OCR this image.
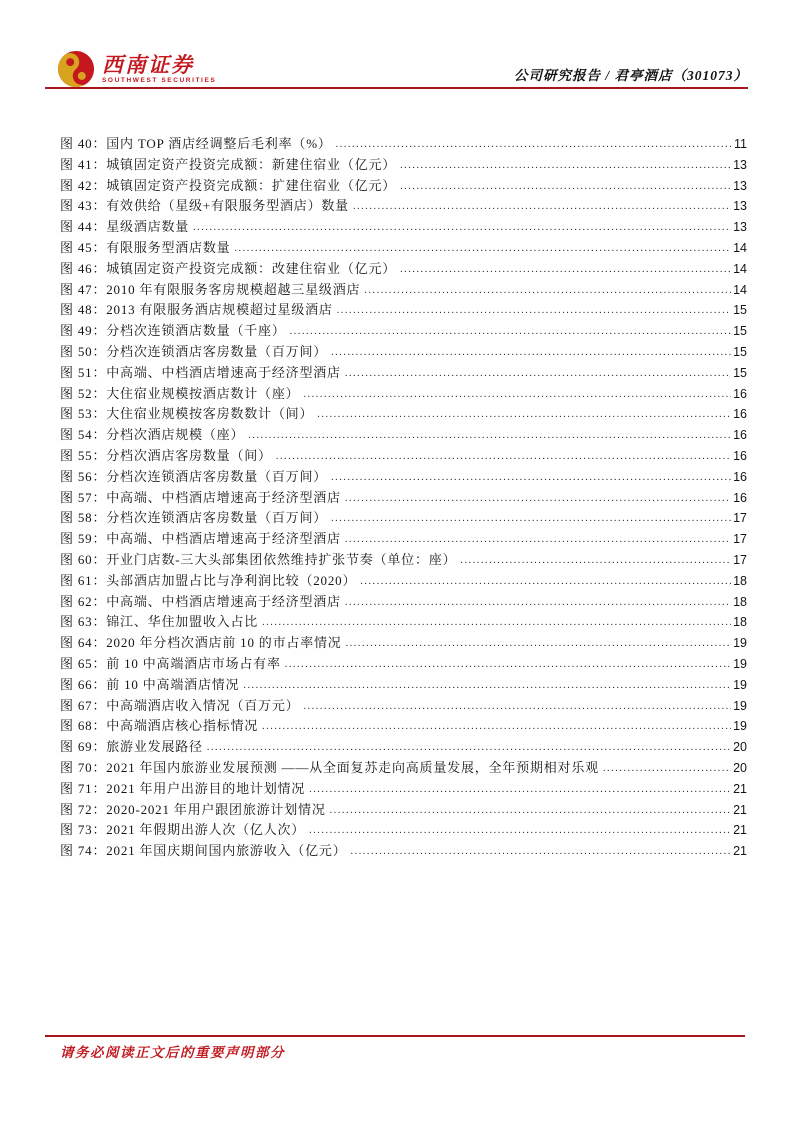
西南证券
SOUTHWEST SECURITIES	公司研究报告 / 君亭酒店（301073）
图 40：国内 TOP 酒店经调整后毛利率（%） .....	11
图 41：城镇固定资产投资完成额：新建住宿业（亿元） .....	13
图 42：城镇固定资产投资完成额：扩建住宿业（亿元） .....	13
图 43：有效供给（星级+有限服务型酒店）数量 .....	13
图 44：星级酒店数量 .....	13
图 45：有限服务型酒店数量 .....	14
图 46：城镇固定资产投资完成额：改建住宿业（亿元） .....	14
图 47：2010 年有限服务客房规模超越三星级酒店 .....	14
图 48：2013 有限服务酒店规模超过星级酒店 .....	15
图 49：分档次连锁酒店数量（千座） .....	15
图 50：分档次连锁酒店客房数量（百万间） .....	15
图 51：中高端、中档酒店增速高于经济型酒店 .....	15
图 52：大住宿业规模按酒店数计（座） .....	16
图 53：大住宿业规模按客房数数计（间） .....	16
图 54：分档次酒店规模（座） .....	16
图 55：分档次酒店客房数量（间） .....	16
图 56：分档次连锁酒店客房数量（百万间） .....	16
图 57：中高端、中档酒店增速高于经济型酒店 .....	16
图 58：分档次连锁酒店客房数量（百万间） .....	17
图 59：中高端、中档酒店增速高于经济型酒店 .....	17
图 60：开业门店数-三大头部集团依然维持扩张节奏（单位：座） .....	17
图 61：头部酒店加盟占比与净利润比较（2020） .....	18
图 62：中高端、中档酒店增速高于经济型酒店 .....	18
图 63：锦江、华住加盟收入占比 .....	18
图 64：2020 年分档次酒店前 10 的市占率情况 .....	19
图 65：前 10 中高端酒店市场占有率 .....	19
图 66：前 10 中高端酒店情况 .....	19
图 67：中高端酒店收入情况（百万元） .....	19
图 68：中高端酒店核心指标情况 .....	19
图 69：旅游业发展路径 .....	20
图 70：2021 年国内旅游业发展预测 ——从全面复苏走向高质量发展，全年预期相对乐观 .....	20
图 71：2021 年用户出游目的地计划情况 .....	21
图 72：2020-2021 年用户跟团旅游计划情况 .....	21
图 73：2021 年假期出游人次（亿人次） .....	21
图 74：2021 年国庆期间国内旅游收入（亿元） .....	21
请务必阅读正文后的重要声明部分
